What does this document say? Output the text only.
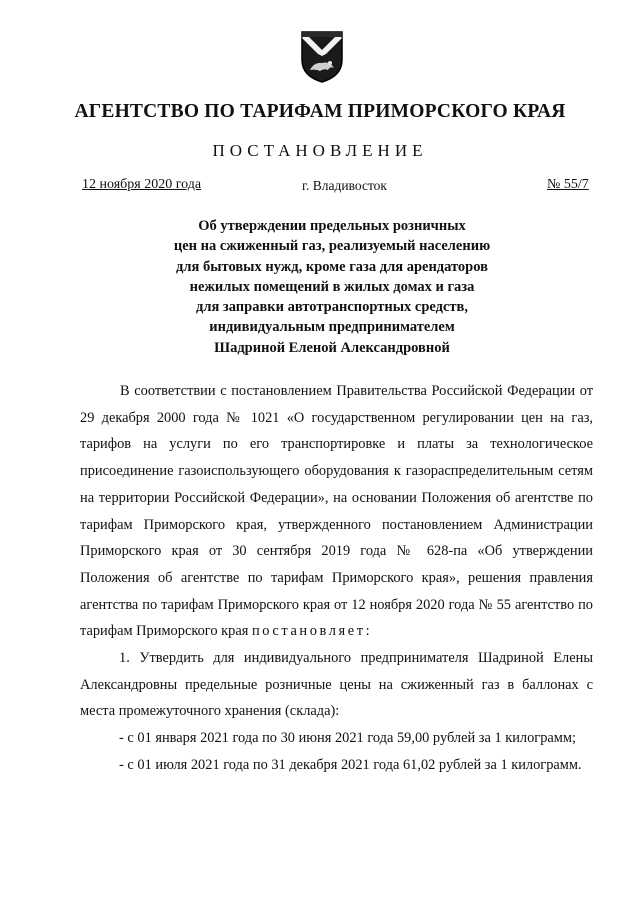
АГЕНТСТВО ПО ТАРИФАМ ПРИМОРСКОГО КРАЯ
ПОСТАНОВЛЕНИЕ
12 ноября 2020 года	г. Владивосток	№ 55/7
Об утверждении предельных розничных
цен на сжиженный газ, реализуемый населению
для бытовых нужд, кроме газа для арендаторов
нежилых помещений в жилых домах и газа
для заправки автотранспортных средств,
индивидуальным предпринимателем
Шадриной Еленой Александровной

В соответствии с постановлением Правительства Российской Федерации от 29 декабря 2000 года № 1021 «О государственном регулировании цен на газ, тарифов на услуги по его транспортировке и платы за технологическое присоединение газоиспользующего оборудования к газораспределительным сетям на территории Российской Федерации», на основании Положения об агентстве по тарифам Приморского края, утвержденного постановлением Администрации Приморского края от 30 сентября 2019 года № 628-па «Об утверждении Положения об агентстве по тарифам Приморского края», решения правления агентства по тарифам Приморского края от 12 ноября 2020 года № 55 агентство по тарифам Приморского края постановляет:

1. Утвердить для индивидуального предпринимателя Шадриной Елены Александровны предельные розничные цены на сжиженный газ в баллонах с места промежуточного хранения (склада):

- с 01 января 2021 года по 30 июня 2021 года 59,00 рублей за 1 килограмм;

- с 01 июля 2021 года по 31 декабря 2021 года 61,02 рублей за 1 килограмм.
